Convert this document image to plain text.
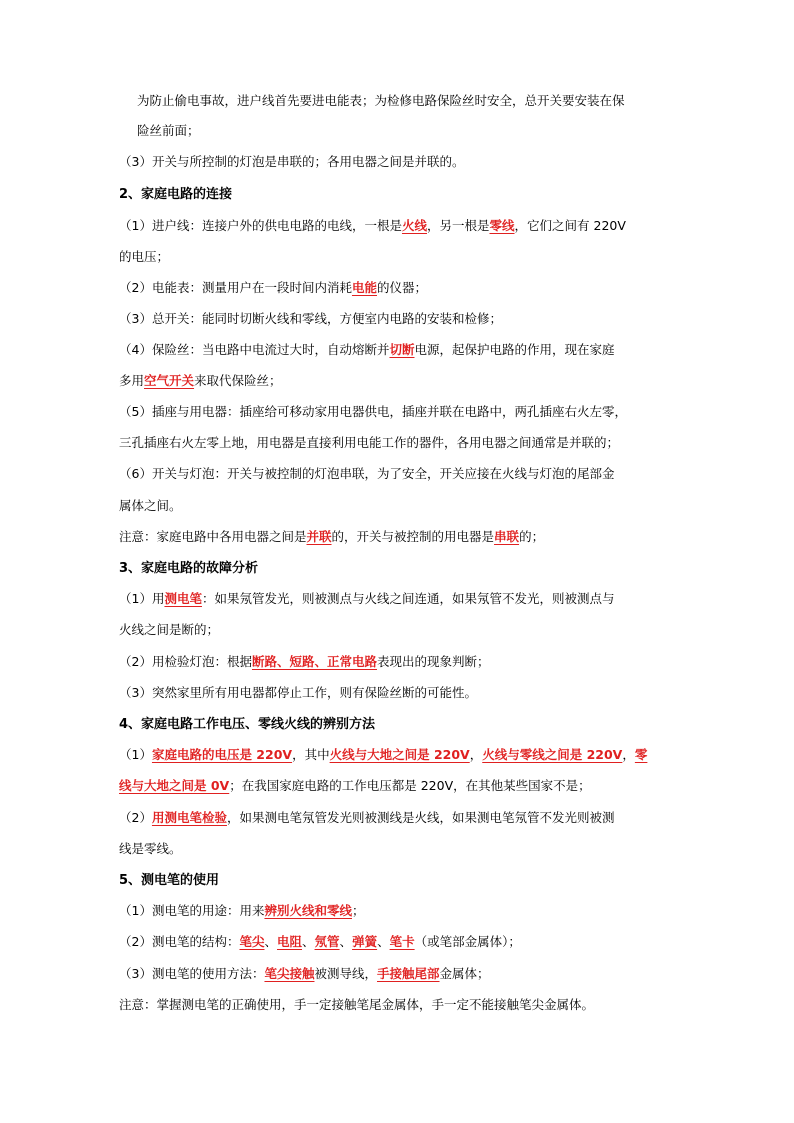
为防止偷电事故，进户线首先要进电能表；为检修电路保险丝时安全，总开关要安装在保
险丝前面；
（3）开关与所控制的灯泡是串联的；各用电器之间是并联的。
2、家庭电路的连接
（1）进户线：连接户外的供电电路的电线，一根是火线，另一根是零线，它们之间有 220V
的电压；
（2）电能表：测量用户在一段时间内消耗电能的仪器；
（3）总开关：能同时切断火线和零线，方便室内电路的安装和检修；
（4）保险丝：当电路中电流过大时，自动熔断并切断电源，起保护电路的作用，现在家庭
多用空气开关来取代保险丝；
（5）插座与用电器：插座给可移动家用电器供电，插座并联在电路中，两孔插座右火左零，
三孔插座右火左零上地，用电器是直接利用电能工作的器件，各用电器之间通常是并联的；
（6）开关与灯泡：开关与被控制的灯泡串联，为了安全，开关应接在火线与灯泡的尾部金
属体之间。
注意：家庭电路中各用电器之间是并联的，开关与被控制的用电器是串联的；
3、家庭电路的故障分析
（1）用测电笔：如果氖管发光，则被测点与火线之间连通，如果氖管不发光，则被测点与
火线之间是断的；
（2）用检验灯泡：根据断路、短路、正常电路表现出的现象判断；
（3）突然家里所有用电器都停止工作，则有保险丝断的可能性。
4、家庭电路工作电压、零线火线的辨别方法
（1）家庭电路的电压是 220V，其中火线与大地之间是 220V，火线与零线之间是 220V，零
线与大地之间是 0V；在我国家庭电路的工作电压都是 220V，在其他某些国家不是；
（2）用测电笔检验，如果测电笔氖管发光则被测线是火线，如果测电笔氖管不发光则被测
线是零线。
5、测电笔的使用
（1）测电笔的用途：用来辨别火线和零线；
（2）测电笔的结构：笔尖、电阻、氖管、弹簧、笔卡（或笔部金属体）；
（3）测电笔的使用方法：笔尖接触被测导线，手接触尾部金属体；
注意：掌握测电笔的正确使用，手一定接触笔尾金属体，手一定不能接触笔尖金属体。
